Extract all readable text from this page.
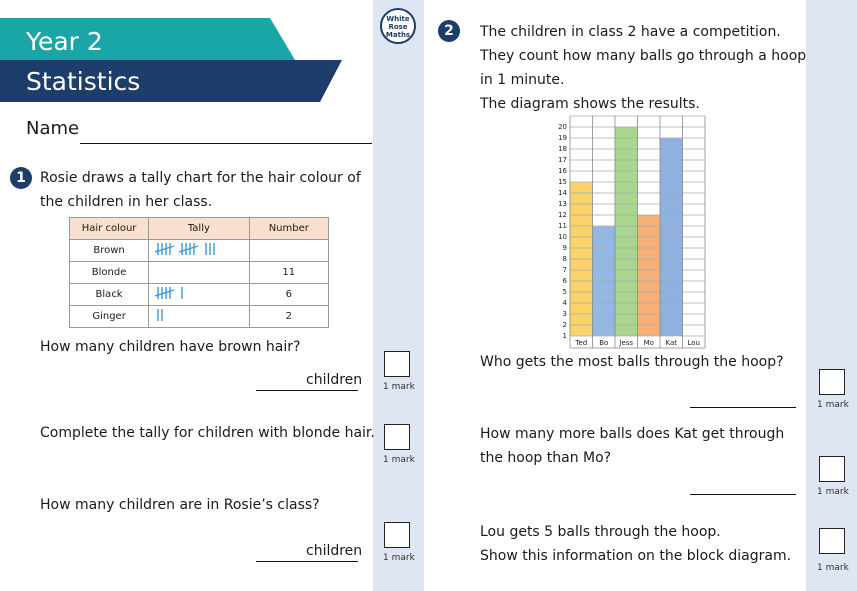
Year 2
Statistics
Name
White
Rose
Maths
1	Rosie draws a tally chart for the hair colour of
the children in her class.
Hair colour	Tally	Number
Brown		
Blonde		11
Black		6
Ginger		2
How many children have brown hair?
children
Complete the tally for children with blonde hair.
How many children are in Rosie’s class?
children
1 mark
1 mark
1 mark
2	The children in class 2 have a competition.
They count how many balls go through a hoop
in 1 minute.
The diagram shows the results.
1
2
3
4
5
6
7
8
9
10
11
12
13
14
15
16
17
18
19
20
Ted Bo Jess Mo Kat Lou
Who gets the most balls through the hoop?
How many more balls does Kat get through
the hoop than Mo?
Lou gets 5 balls through the hoop.
Show this information on the block diagram.
1 mark
1 mark
1 mark
